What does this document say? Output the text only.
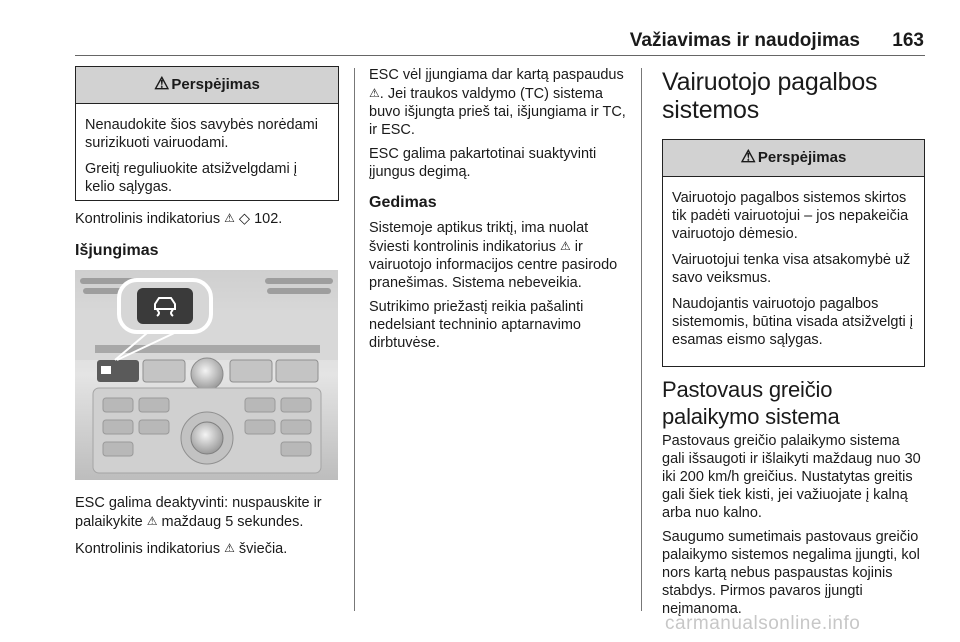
Važiavimas ir naudojimas	163
⚠ Perspėjimas

Nenaudokite šios savybės norėdami surizikuoti vairuodami.

Greitį reguliuokite atsižvelgdami į kelio sąlygas.

Kontrolinis indikatorius ⚠ ◇ 102.
Išjungimas
ESC galima deaktyvinti: nuspauskite ir palaikykite ⚠ maždaug 5 sekundes.
Kontrolinis indikatorius ⚠ šviečia.

ESC vėl įjungiama dar kartą paspaudus ⚠. Jei traukos valdymo (TC) sistema buvo išjungta prieš tai, išjungiama ir TC, ir ESC.

ESC galima pakartotinai suaktyvinti įjungus degimą.

Gedimas

Sistemoje aptikus triktį, ima nuolat šviesti kontrolinis indikatorius ⚠ ir vairuotojo informacijos centre pasirodo pranešimas. Sistema nebeveikia.

Sutrikimo priežastį reikia pašalinti nedelsiant techninio aptarnavimo dirbtuvėse.

Vairuotojo pagalbos sistemos
⚠ Perspėjimas

Vairuotojo pagalbos sistemos skirtos tik padėti vairuotojui – jos nepakeičia vairuotojo dėmesio.

Vairuotojui tenka visa atsakomybė už savo veiksmus.

Naudojantis vairuotojo pagalbos sistemomis, būtina visada atsižvelgti į esamas eismo sąlygas.

Pastovaus greičio palaikymo sistema

Pastovaus greičio palaikymo sistema gali išsaugoti ir išlaikyti maždaug nuo 30 iki 200 km/h greičius. Nustatytas greitis gali šiek tiek kisti, jei važiuojate į kalną arba nuo kalno.

Saugumo sumetimais pastovaus greičio palaikymo sistemos negalima įjungti, kol nors kartą nebus paspaustas kojinis stabdys. Pirmos pavaros įjungti neįmanoma.

carmanualsonline.info
